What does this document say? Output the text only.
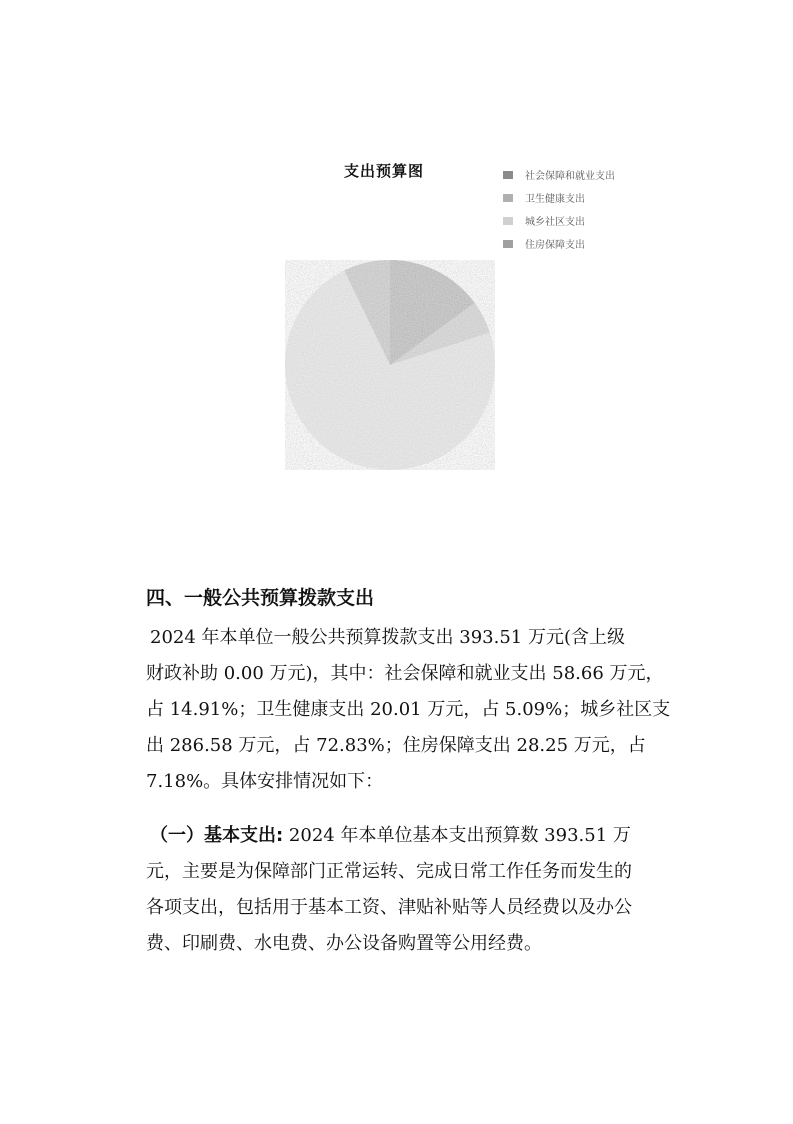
支出预算图	社会保障和就业支出
卫生健康支出
城乡社区支出
住房保障支出
四、一般公共预算拨款支出

2024 年本单位一般公共预算拨款支出 393.51 万元(含上级
财政补助 0.00 万元)，其中：社会保障和就业支出 58.66 万元，
占 14.91%；卫生健康支出 20.01 万元，占 5.09%；城乡社区支
出 286.58 万元，占 72.83%；住房保障支出 28.25 万元，占
7.18%。具体安排情况如下：

（一）基本支出: 2024 年本单位基本支出预算数 393.51 万
元，主要是为保障部门正常运转、完成日常工作任务而发生的
各项支出，包括用于基本工资、津贴补贴等人员经费以及办公
费、印刷费、水电费、办公设备购置等公用经费。
